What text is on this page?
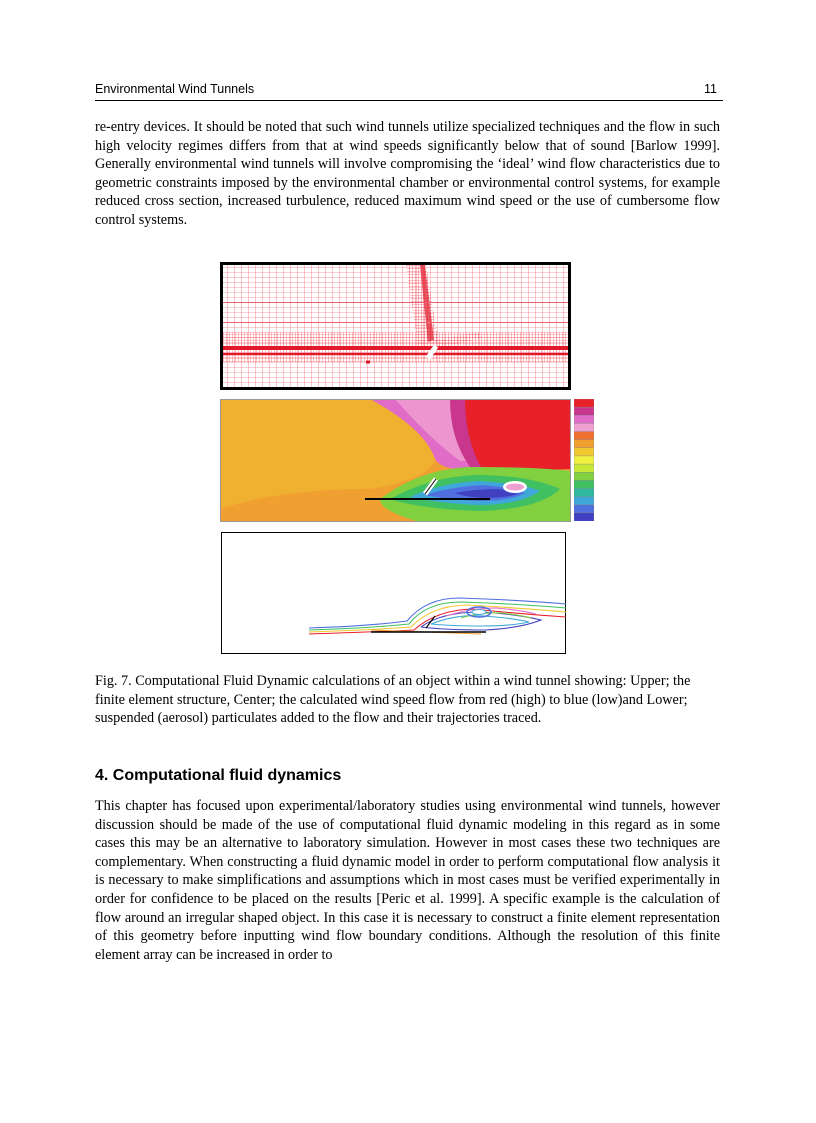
Environmental Wind Tunnels	11

re-entry devices. It should be noted that such wind tunnels utilize specialized techniques and the flow in such high velocity regimes differs from that at wind speeds significantly below that of sound [Barlow 1999]. Generally environmental wind tunnels will involve compromising the ‘ideal’ wind flow characteristics due to geometric constraints imposed by the environmental chamber or environmental control systems, for example reduced cross section, increased turbulence, reduced maximum wind speed or the use of cumbersome flow control systems.

Fig. 7. Computational Fluid Dynamic calculations of an object within a wind tunnel showing: Upper; the finite element structure, Center; the calculated wind speed flow from red (high) to blue (low)and Lower; suspended (aerosol) particulates added to the flow and their trajectories traced.

4. Computational fluid dynamics

This chapter has focused upon experimental/laboratory studies using environmental wind tunnels, however discussion should be made of the use of computational fluid dynamic modeling in this regard as in some cases this may be an alternative to laboratory simulation. However in most cases these two techniques are complementary. When constructing a fluid dynamic model in order to perform computational flow analysis it is necessary to make simplifications and assumptions which in most cases must be verified experimentally in order for confidence to be placed on the results [Peric et al. 1999]. A specific example is the calculation of flow around an irregular shaped object. In this case it is necessary to construct a finite element representation of this geometry before inputting wind flow boundary conditions. Although the resolution of this finite element array can be increased in order to
